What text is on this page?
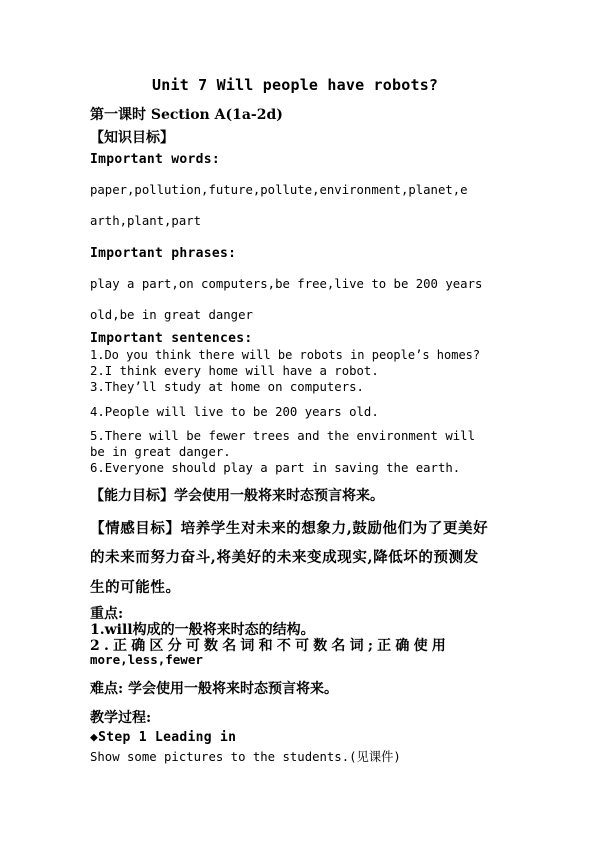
Unit 7 Will people have robots?
第一课时 Section A(1a-2d)
【知识目标】
Important words:
paper,pollution,future,pollute,environment,planet,e
arth,plant,part
Important phrases:
play a part,on computers,be free,live to be 200 years
old,be in great danger
Important sentences:
1.Do you think there will be robots in people’s homes?
2.I think every home will have a robot.
3.They’ll study at home on computers.
4.People will live to be 200 years old.
5.There will be fewer trees and the environment will
be in great danger.
6.Everyone should play a part in saving the earth.
【能力目标】学会使用一般将来时态预言将来。
【情感目标】培养学生对未来的想象力,鼓励他们为了更美好
的未来而努力奋斗,将美好的未来变成现实,降低坏的预测发
生的可能性。
重点:
1.will构成的一般将来时态的结构。
2.正确区分可数名词和不可数名词;正确使用
more,less,fewer
难点: 学会使用一般将来时态预言将来。
教学过程:
◆Step 1 Leading in
Show some pictures to the students.(见课件)
